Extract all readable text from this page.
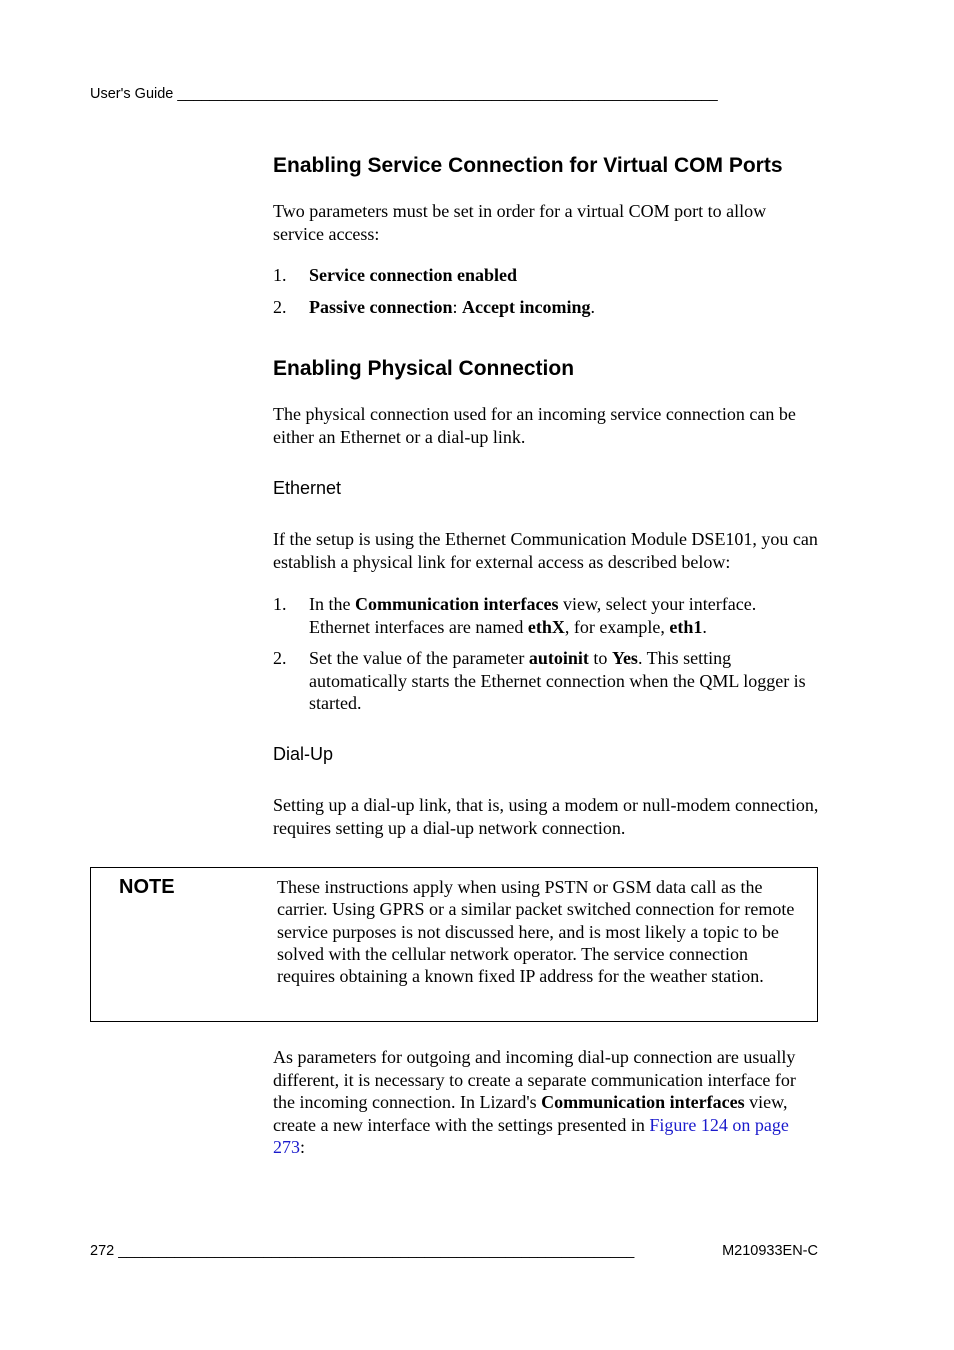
User's Guide ___________________________________________________________________
Enabling Service Connection for Virtual COM Ports
Two parameters must be set in order for a virtual COM port to allow service access:
1. Service connection enabled
2. Passive connection: Accept incoming.
Enabling Physical Connection
The physical connection used for an incoming service connection can be either an Ethernet or a dial-up link.
Ethernet
If the setup is using the Ethernet Communication Module DSE101, you can establish a physical link for external access as described below:
1. In the Communication interfaces view, select your interface. Ethernet interfaces are named ethX, for example, eth1.
2. Set the value of the parameter autoinit to Yes. This setting automatically starts the Ethernet connection when the QML logger is started.
Dial-Up
Setting up a dial-up link, that is, using a modem or null-modem connection, requires setting up a dial-up network connection.
NOTE	These instructions apply when using PSTN or GSM data call as the carrier. Using GPRS or a similar packet switched connection for remote service purposes is not discussed here, and is most likely a topic to be solved with the cellular network operator. The service connection requires obtaining a known fixed IP address for the weather station.
As parameters for outgoing and incoming dial-up connection are usually different, it is necessary to create a separate communication interface for the incoming connection. In Lizard's Communication interfaces view, create a new interface with the settings presented in Figure 124 on page 273:
272 ________________________________________________________________	M210933EN-C
